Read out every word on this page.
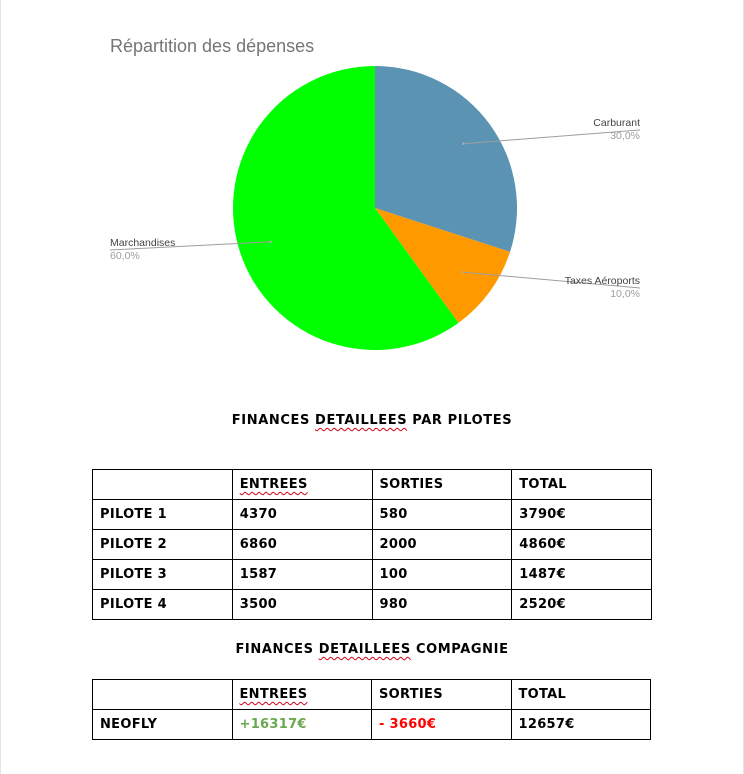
Répartition des dépenses
Carburant
30,0%
Taxes Aéroports
10,0%
Marchandises
60,0%
FINANCES DETAILLEES PAR PILOTES
	ENTREES	SORTIES	TOTAL
PILOTE 1	4370	580	3790€
PILOTE 2	6860	2000	4860€
PILOTE 3	1587	100	1487€
PILOTE 4	3500	980	2520€
FINANCES DETAILLEES COMPAGNIE
	ENTREES	SORTIES	TOTAL
NEOFLY	+16317€	- 3660€	12657€
